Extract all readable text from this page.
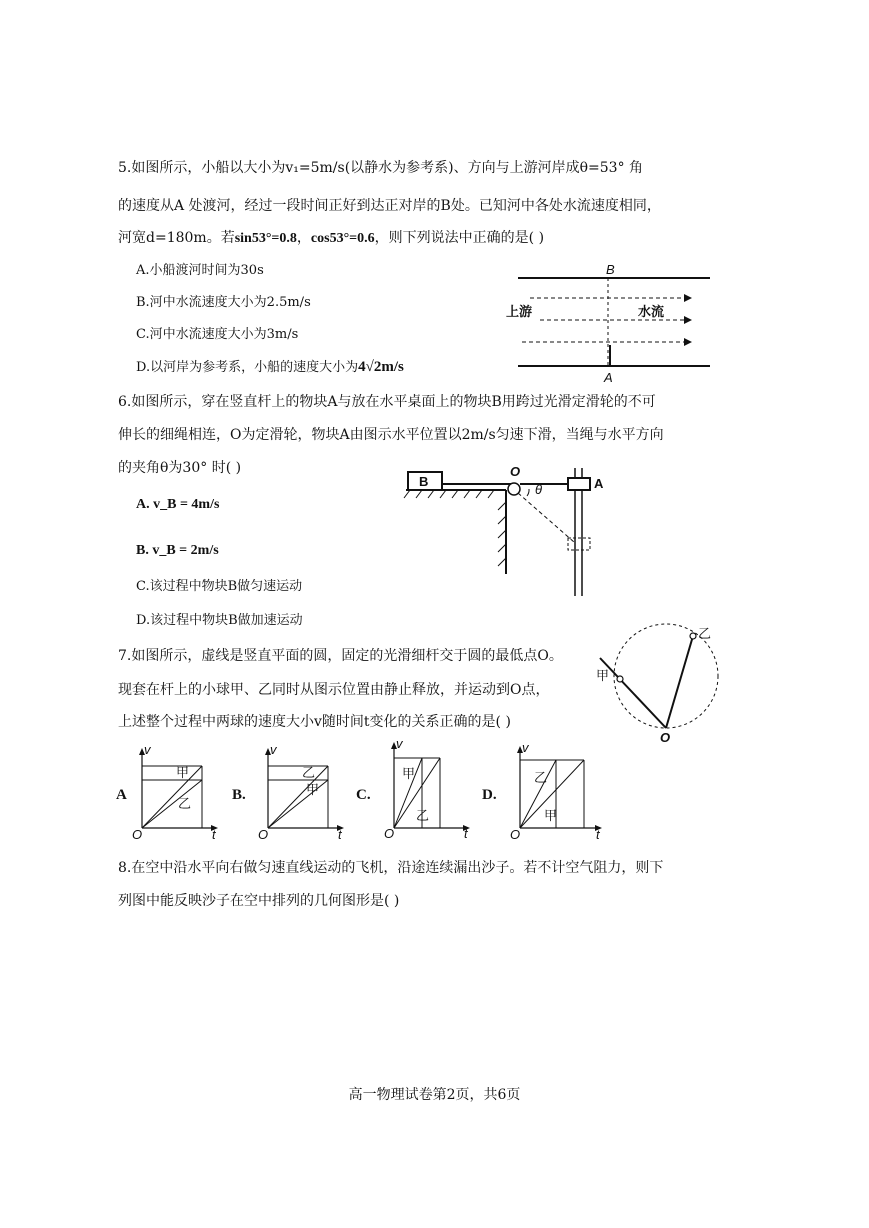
5.如图所示，小船以大小为v₁=5m/s(以静水为参考系)、方向与上游河岸成θ=53° 角
的速度从A 处渡河，经过一段时间正好到达正对岸的B处。已知河中各处水流速度相同，
河宽d=180m。若sin53°=0.8，cos53°=0.6，则下列说法中正确的是( )
A.小船渡河时间为30s
B.河中水流速度大小为2.5m/s
C.河中水流速度大小为3m/s
D.以河岸为参考系，小船的速度大小为4√2m/s
B
A
上游	水流
6.如图所示，穿在竖直杆上的物块A与放在水平桌面上的物块B用跨过光滑定滑轮的不可
伸长的细绳相连，O为定滑轮，物块A由图示水平位置以2m/s匀速下滑，当绳与水平方向
的夹角θ为30° 时( )
A. v_B = 4m/s
B. v_B = 2m/s
C.该过程中物块B做匀速运动
D.该过程中物块B做加速运动
B
O
θ	A
7.如图所示，虚线是竖直平面的圆，固定的光滑细杆交于圆的最低点O。
现套在杆上的小球甲、乙同时从图示位置由静止释放，并运动到O点，
上述整个过程中两球的速度大小v随时间t变化的关系正确的是( )
甲
乙
O
A	B.	C.	D.
甲
乙
v
O	t
乙
甲
v
O	t
甲
乙
v
O	t
乙
甲
v
O	t
8.在空中沿水平向右做匀速直线运动的飞机，沿途连续漏出沙子。若不计空气阻力，则下
列图中能反映沙子在空中排列的几何图形是( )
高一物理试卷第2页，共6页
